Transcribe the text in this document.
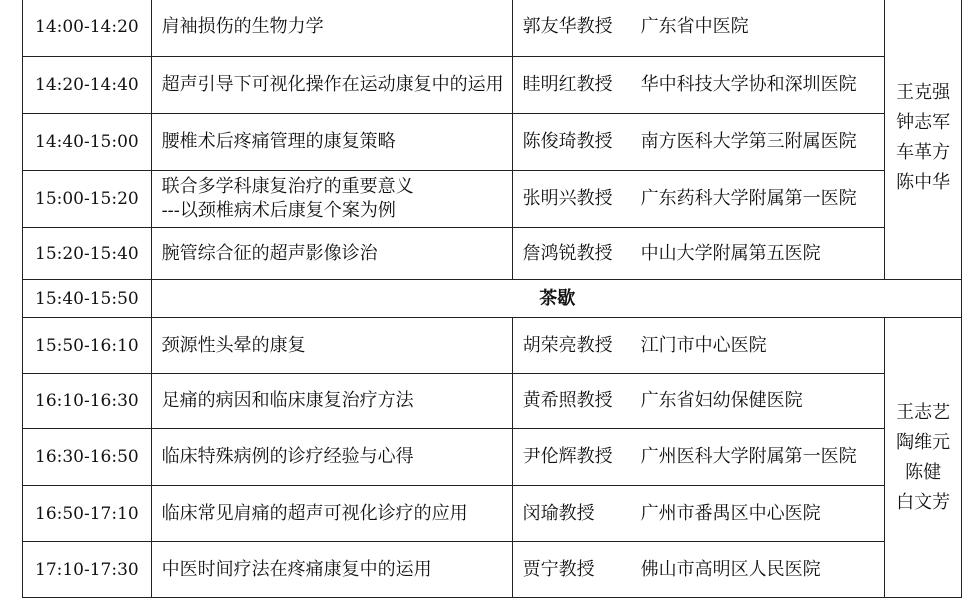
14:00-14:20	肩袖损伤的生物力学	郭友华教授 广东省中医院	王克强
钟志军
车革方
陈中华

14:20-14:40	超声引导下可视化操作在运动康复中的运用	眭明红教授 华中科技大学协和深圳医院	
14:40-15:00	腰椎术后疼痛管理的康复策略	陈俊琦教授 南方医科大学第三附属医院	
15:00-15:20	联合多学科康复治疗的重要意义
---以颈椎病术后康复个案为例	张明兴教授 广东药科大学附属第一医院	
15:20-15:40	腕管综合征的超声影像诊治	詹鸿锐教授 中山大学附属第五医院	
15:40-15:50	茶歇		
15:50-16:10	颈源性头晕的康复	胡荣亮教授 江门市中心医院	王志艺
陶维元
陈健
白文芳

16:10-16:30	足痛的病因和临床康复治疗方法	黄希照教授 广东省妇幼保健医院	
16:30-16:50	临床特殊病例的诊疗经验与心得	尹伦辉教授 广州医科大学附属第一医院	
16:50-17:10	临床常见肩痛的超声可视化诊疗的应用	闵瑜教授 广州市番禺区中心医院	
17:10-17:30	中医时间疗法在疼痛康复中的运用	贾宁教授 佛山市高明区人民医院	
